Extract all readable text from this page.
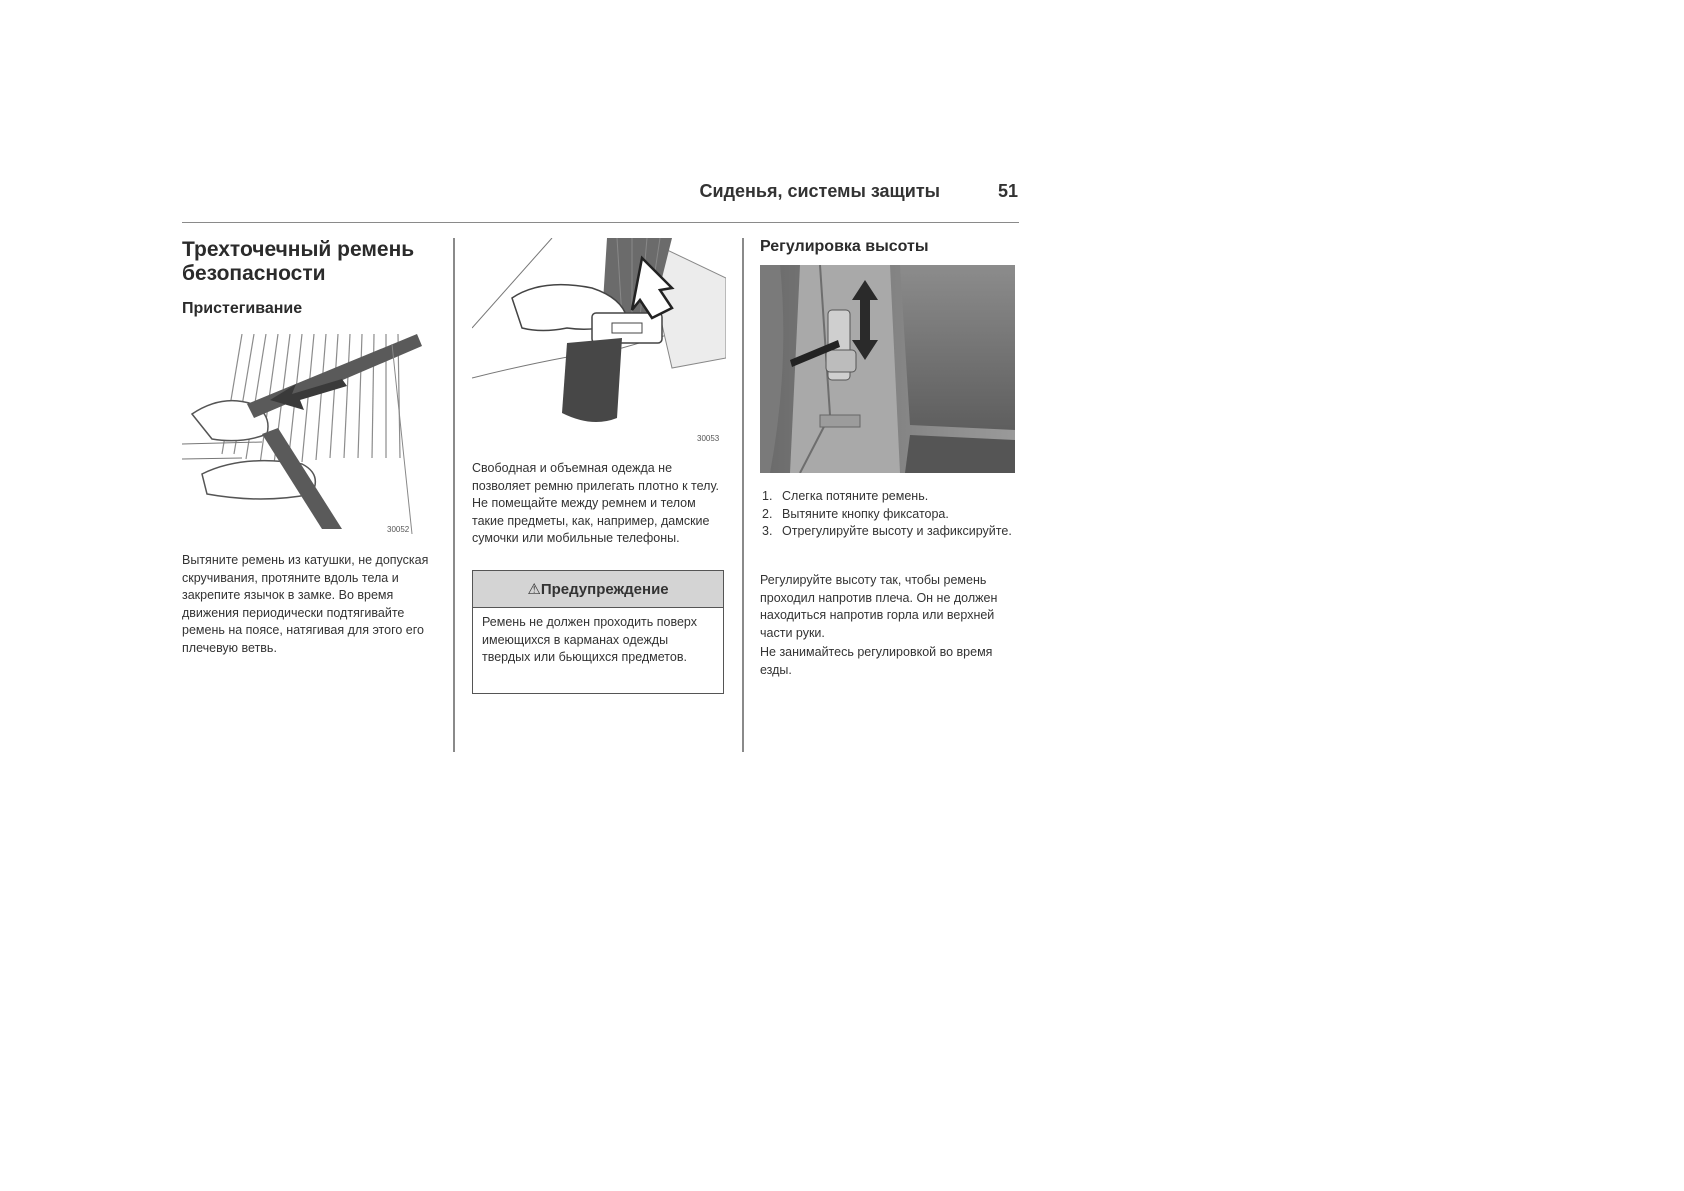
Сиденья, системы защиты	51
Трехточечный ремень безопасности
Пристегивание
30052
Вытяните ремень из катушки, не допуская скручивания, протяните вдоль тела и закрепите язычок в замке. Во время движения периодически подтягивайте ремень на поясе, натягивая для этого его плечевую ветвь.
30053
Свободная и объемная одежда не позволяет ремню прилегать плотно к телу. Не помещайте между ремнем и телом такие предметы, как, например, дамские сумочки или мобильные телефоны.
⚠ Предупреждение
Ремень не должен проходить поверх имеющихся в карманах одежды твердых или бьющихся предметов.
Регулировка высоты
1. Слегка потяните ремень.
2. Вытяните кнопку фиксатора.
3. Отрегулируйте высоту и зафиксируйте.
Регулируйте высоту так, чтобы ремень проходил напротив плеча. Он не должен находиться напротив горла или верхней части руки.
Не занимайтесь регулировкой во время езды.
